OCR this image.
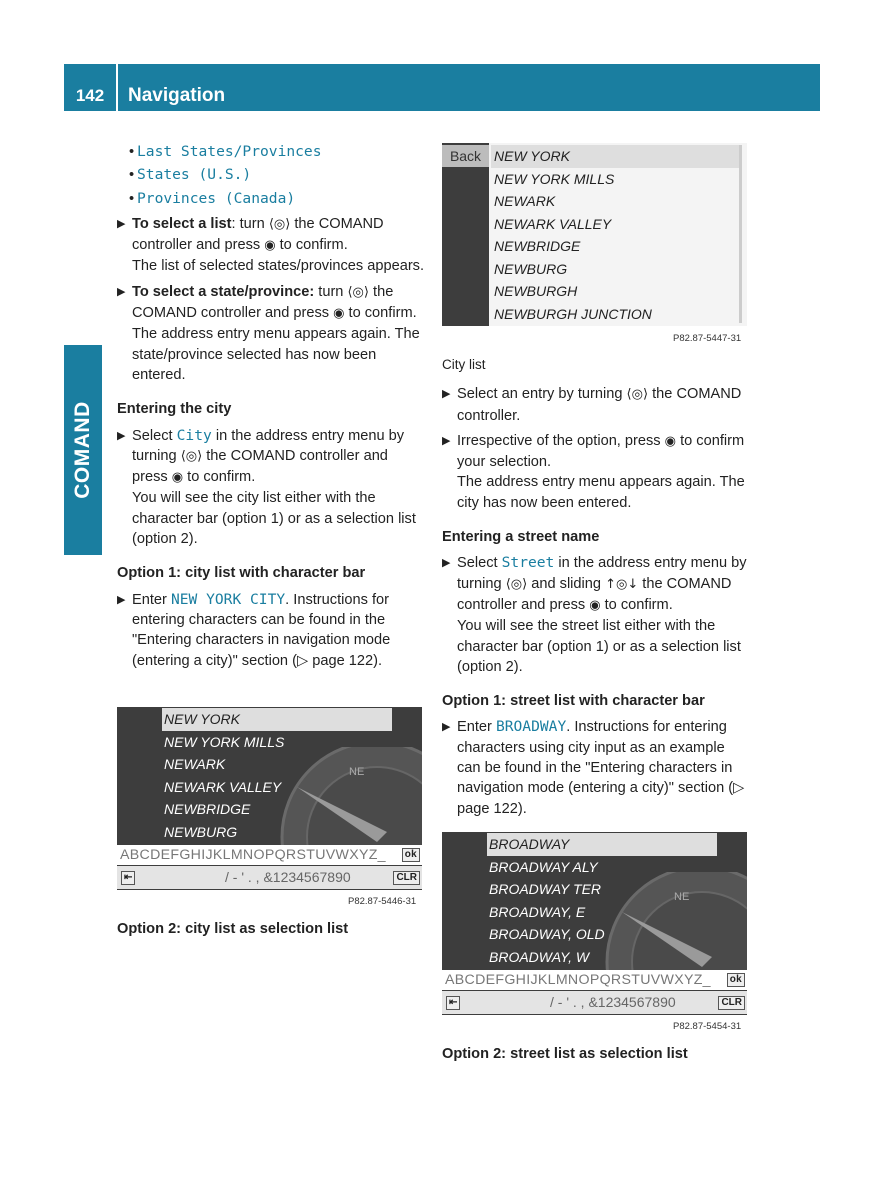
142	Navigation
COMAND
• Last States/Provinces
• States (U.S.)
• Provinces (Canada)
▶ To select a list: turn ⟨◎⟩ the COMAND controller and press ◉ to confirm.
The list of selected states/provinces appears.
▶ To select a state/province: turn ⟨◎⟩ the COMAND controller and press ◉ to confirm.
The address entry menu appears again. The state/province selected has now been entered.
Entering the city
▶ Select City in the address entry menu by turning ⟨◎⟩ the COMAND controller and press ◉ to confirm.
You will see the city list either with the character bar (option 1) or as a selection list (option 2).
Option 1: city list with character bar
▶ Enter NEW YORK CITY. Instructions for entering characters can be found in the "Entering characters in navigation mode (entering a city)" section (▷ page 122).
NE
NEW YORK
NEW YORK MILLS
NEWARK
NEWARK VALLEY
NEWBRIDGE
NEWBURG
ABCDEFGHIJKLMNOPQRSTUVWXYZ_	ok
⇤	/ - ' . , &1234567890	CLR
P82.87-5446-31
Option 2: city list as selection list
Back NEW YORK
NEW YORK MILLS
NEWARK
NEWARK VALLEY
NEWBRIDGE
NEWBURG
NEWBURGH
NEWBURGH JUNCTION
P82.87-5447-31
City list
▶ Select an entry by turning ⟨◎⟩ the COMAND controller.
▶ Irrespective of the option, press ◉ to confirm your selection.
The address entry menu appears again. The city has now been entered.
Entering a street name
▶ Select Street in the address entry menu by turning ⟨◎⟩ and sliding ↑◎↓ the COMAND controller and press ◉ to confirm.
You will see the street list either with the character bar (option 1) or as a selection list (option 2).
Option 1: street list with character bar
▶ Enter BROADWAY. Instructions for entering characters using city input as an example can be found in the "Entering characters in navigation mode (entering a city)" section (▷ page 122).
NE
BROADWAY
BROADWAY ALY
BROADWAY TER
BROADWAY, E
BROADWAY, OLD
BROADWAY, W
ABCDEFGHIJKLMNOPQRSTUVWXYZ_	ok
⇤	/ - ' . , &1234567890	CLR
P82.87-5454-31
Option 2: street list as selection list
